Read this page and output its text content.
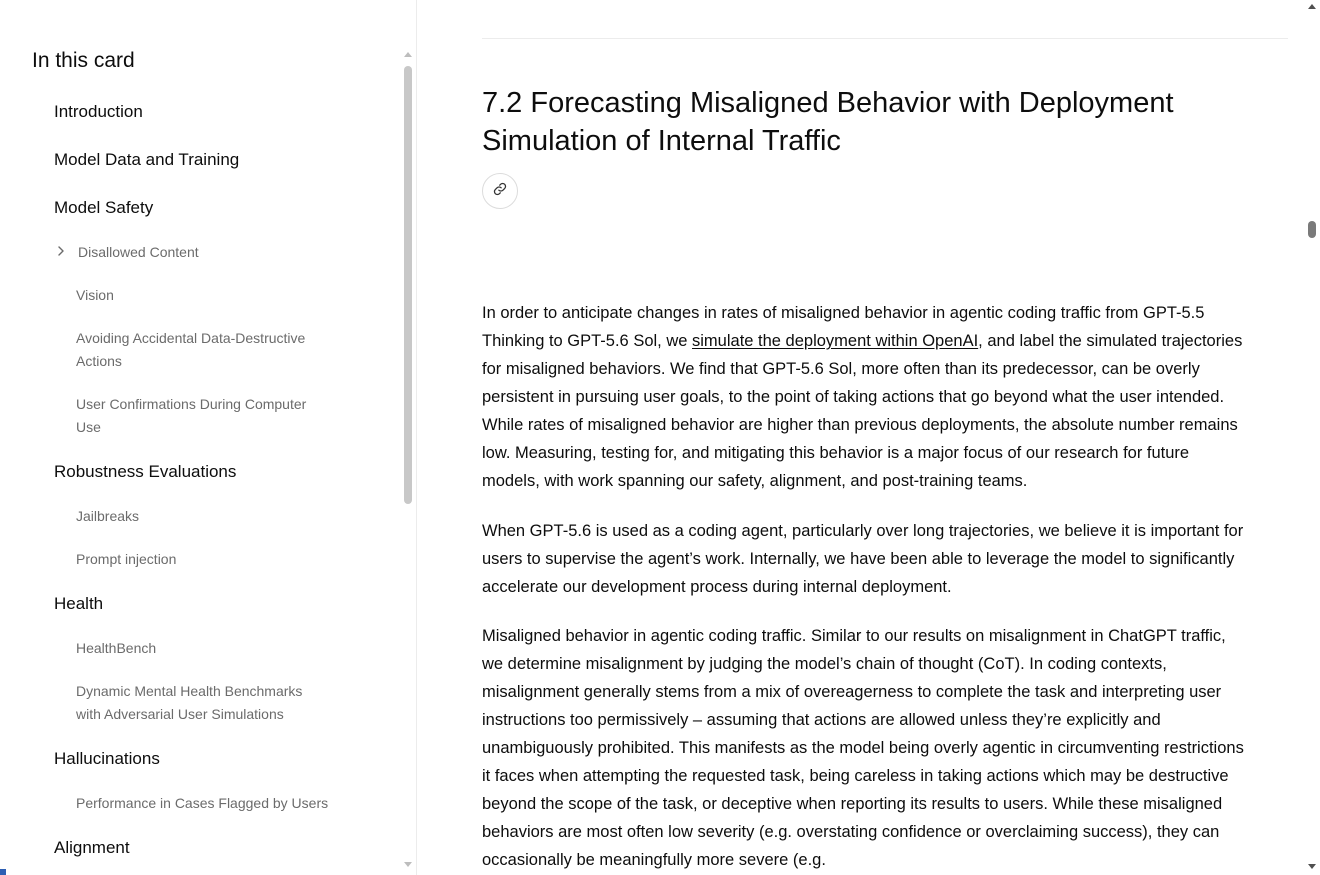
In this card
Introduction
Model Data and Training
Model Safety
Disallowed Content
Vision
Avoiding Accidental Data-Destructive Actions
User Confirmations During Computer Use
Robustness Evaluations
Jailbreaks
Prompt injection
Health
HealthBench
Dynamic Mental Health Benchmarks with Adversarial User Simulations
Hallucinations
Performance in Cases Flagged by Users
Alignment
7.2 Forecasting Misaligned Behavior with Deployment Simulation of Internal Traffic

In order to anticipate changes in rates of misaligned behavior in agentic coding traffic from GPT-5.5 Thinking to GPT-5.6 Sol, we simulate the deployment within OpenAI, and label the simulated trajectories for misaligned behaviors. We find that GPT-5.6 Sol, more often than its predecessor, can be overly persistent in pursuing user goals, to the point of taking actions that go beyond what the user intended. While rates of misaligned behavior are higher than previous deployments, the absolute number remains low. Measuring, testing for, and mitigating this behavior is a major focus of our research for future models, with work spanning our safety, alignment, and post-training teams.

When GPT-5.6 is used as a coding agent, particularly over long trajectories, we believe it is important for users to supervise the agent’s work. Internally, we have been able to leverage the model to significantly accelerate our development process during internal deployment.

Misaligned behavior in agentic coding traffic. Similar to our results on misalignment in ChatGPT traffic, we determine misalignment by judging the model’s chain of thought (CoT). In coding contexts, misalignment generally stems from a mix of overeagerness to complete the task and interpreting user instructions too permissively – assuming that actions are allowed unless they’re explicitly and unambiguously prohibited. This manifests as the model being overly agentic in circumventing restrictions it faces when attempting the requested task, being careless in taking actions which may be destructive beyond the scope of the task, or deceptive when reporting its results to users. While these misaligned behaviors are most often low severity (e.g. overstating confidence or overclaiming success), they can occasionally be meaningfully more severe (e.g.
